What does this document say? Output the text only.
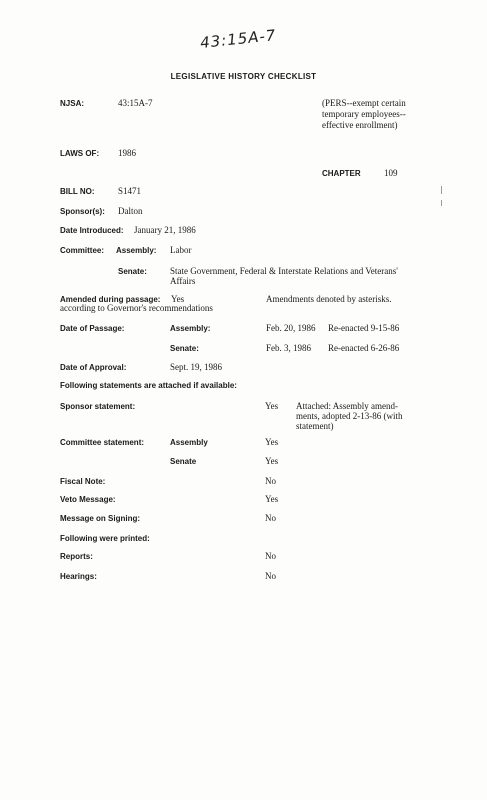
43:15A-7
LEGISLATIVE HISTORY CHECKLIST
NJSA:	43:15A-7	(PERS--exempt certain
temporary employees--
effective enrollment)
LAWS OF: 1986
CHAPTER	109
BILL NO:	S1471
Sponsor(s): Dalton
Date Introduced: January 21, 1986
Committee: Assembly: Labor
Senate:	State Government, Federal & Interstate Relations and Veterans'
Affairs
Amended during passage: Yes	Amendments denoted by asterisks.
according to Governor's recommendations
Date of Passage:	Assembly:	Feb. 20, 1986 Re-enacted 9-15-86
Senate:	Feb. 3, 1986 Re-enacted 6-26-86
Date of Approval:	Sept. 19, 1986
Following statements are attached if available:
Sponsor statement:	Yes Attached: Assembly amend-
ments, adopted 2-13-86 (with
statement)
Committee statement:	Assembly	Yes
Senate	Yes
Fiscal Note:	No
Veto Message:	Yes
Message on Signing:	No
Following were printed:
Reports:	No
Hearings:	No
